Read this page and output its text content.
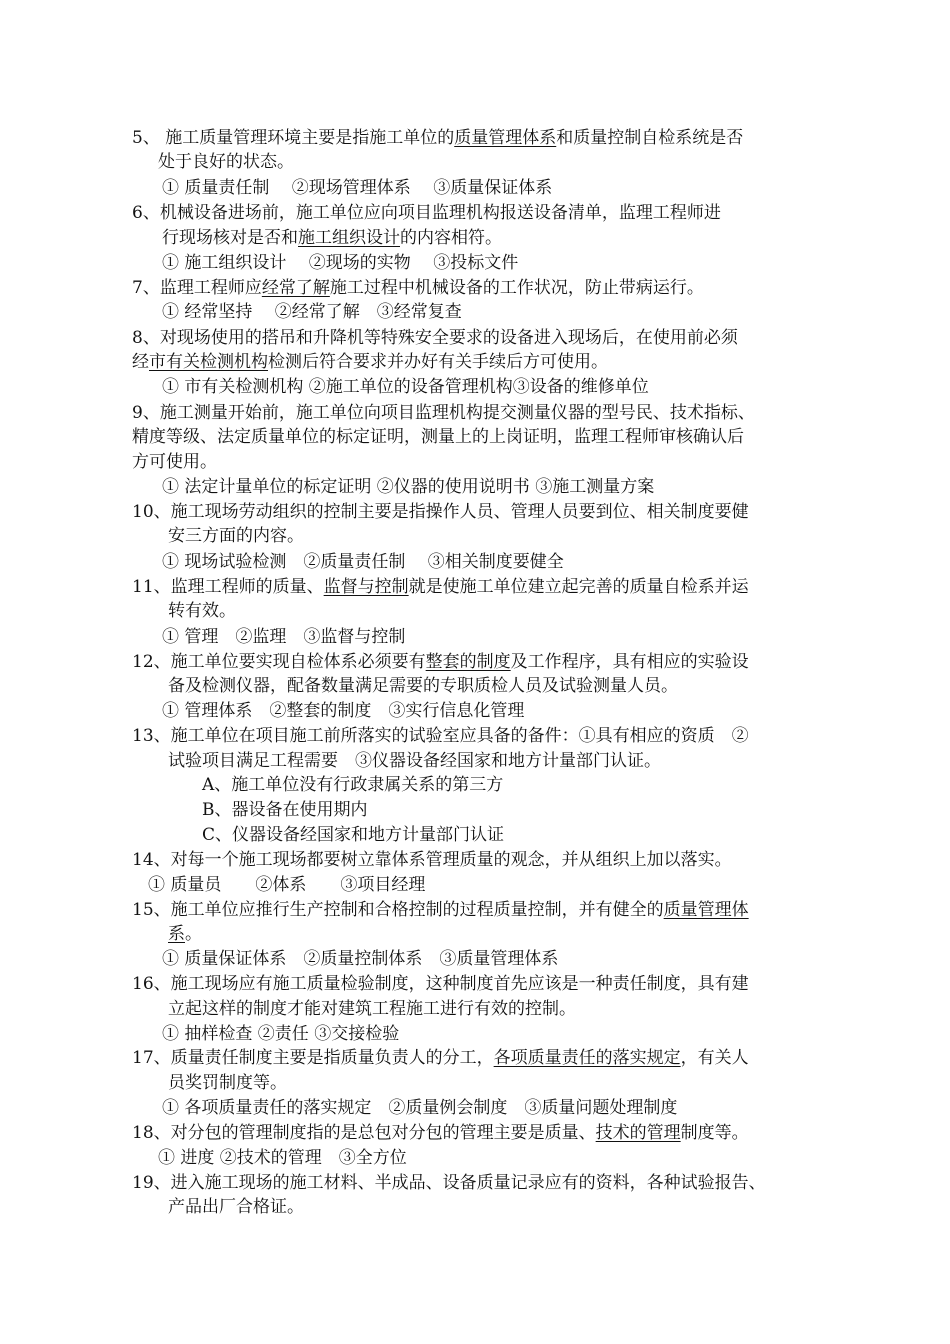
5、 施工质量管理环境主要是指施工单位的质量管理体系和质量控制自检系统是否
处于良好的状态。
① 质量责任制　 ②现场管理体系　 ③质量保证体系
6、机械设备进场前，施工单位应向项目监理机构报送设备清单，监理工程师进
行现场核对是否和施工组织设计的内容相符。
① 施工组织设计　 ②现场的实物　 ③投标文件
7、监理工程师应经常了解施工过程中机械设备的工作状况，防止带病运行。
① 经常坚持　 ②经常了解　③经常复查
8、对现场使用的搭吊和升降机等特殊安全要求的设备进入现场后，在使用前必须
经市有关检测机构检测后符合要求并办好有关手续后方可使用。
① 市有关检测机构 ②施工单位的设备管理机构③设备的维修单位
9、施工测量开始前，施工单位向项目监理机构提交测量仪器的型号民、技术指标、
精度等级、法定质量单位的标定证明，测量上的上岗证明，监理工程师审核确认后
方可使用。
① 法定计量单位的标定证明 ②仪器的使用说明书 ③施工测量方案
10、施工现场劳动组织的控制主要是指操作人员、管理人员要到位、相关制度要健
安三方面的内容。
① 现场试验检测　②质量责任制　 ③相关制度要健全
11、监理工程师的质量、监督与控制就是使施工单位建立起完善的质量自检系并运
转有效。
① 管理　②监理　③监督与控制
12、施工单位要实现自检体系必须要有整套的制度及工作程序，具有相应的实验设
备及检测仪器，配备数量满足需要的专职质检人员及试验测量人员。
① 管理体系　②整套的制度　③实行信息化管理
13、施工单位在项目施工前所落实的试验室应具备的备件：①具有相应的资质　②
试验项目满足工程需要　③仪器设备经国家和地方计量部门认证。
A、施工单位没有行政隶属关系的第三方
B、器设备在使用期内
C、仪器设备经国家和地方计量部门认证
14、对每一个施工现场都要树立靠体系管理质量的观念，并从组织上加以落实。
① 质量员　　②体系　　③项目经理
15、施工单位应推行生产控制和合格控制的过程质量控制，并有健全的质量管理体
系。
① 质量保证体系　②质量控制体系　③质量管理体系
16、施工现场应有施工质量检验制度，这种制度首先应该是一种责任制度，具有建
立起这样的制度才能对建筑工程施工进行有效的控制。
① 抽样检查 ②责任 ③交接检验
17、质量责任制度主要是指质量负责人的分工，各项质量责任的落实规定，有关人
员奖罚制度等。
① 各项质量责任的落实规定　②质量例会制度　③质量问题处理制度
18、对分包的管理制度指的是总包对分包的管理主要是质量、技术的管理制度等。
① 进度 ②技术的管理　③全方位
19、进入施工现场的施工材料、半成品、设备质量记录应有的资料，各种试验报告、
产品出厂合格证。
